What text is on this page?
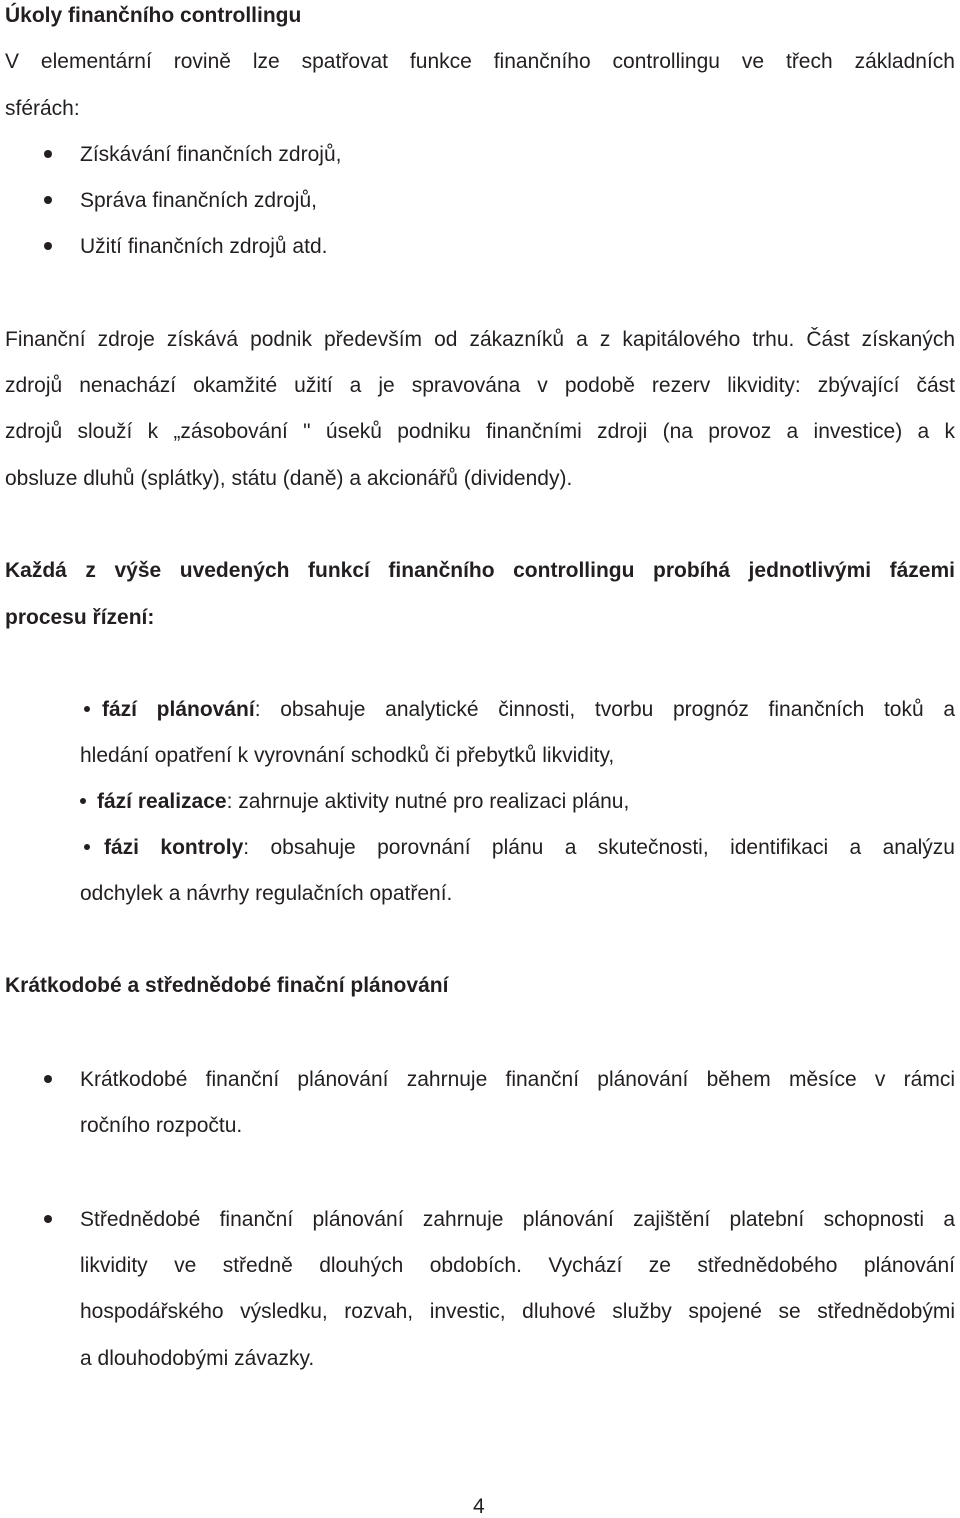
Úkoly finančního controllingu
V elementární rovině lze spatřovat funkce finančního controllingu ve třech základních
sférách:
Získávání finančních zdrojů,
Správa finančních zdrojů,
Užití finančních zdrojů atd.
Finanční zdroje získává podnik především od zákazníků a z kapitálového trhu. Část získaných
zdrojů nenachází okamžité užití a je spravována v podobě rezerv likvidity: zbývající část
zdrojů slouží k „zásobování " úseků podniku finančními zdroji (na provoz a investice) a k
obsluze dluhů (splátky), státu (daně) a akcionářů (dividendy).
Každá z výše uvedených funkcí finančního controllingu probíhá jednotlivými fázemi
procesu řízení:
fází plánování: obsahuje analytické činnosti, tvorbu prognóz finančních toků a
hledání opatření k vyrovnání schodků či přebytků likvidity,
fází realizace: zahrnuje aktivity nutné pro realizaci plánu,
fázi kontroly: obsahuje porovnání plánu a skutečnosti, identifikaci a analýzu
odchylek a návrhy regulačních opatření.
Krátkodobé a střednědobé finační plánování
Krátkodobé finanční plánování zahrnuje finanční plánování během měsíce v rámci
ročního rozpočtu.
Střednědobé finanční plánování zahrnuje plánování zajištění platební schopnosti a
likvidity ve středně dlouhých obdobích. Vychází ze střednědobého plánování
hospodářského výsledku, rozvah, investic, dluhové služby spojené se střednědobými
a dlouhodobými závazky.
4
